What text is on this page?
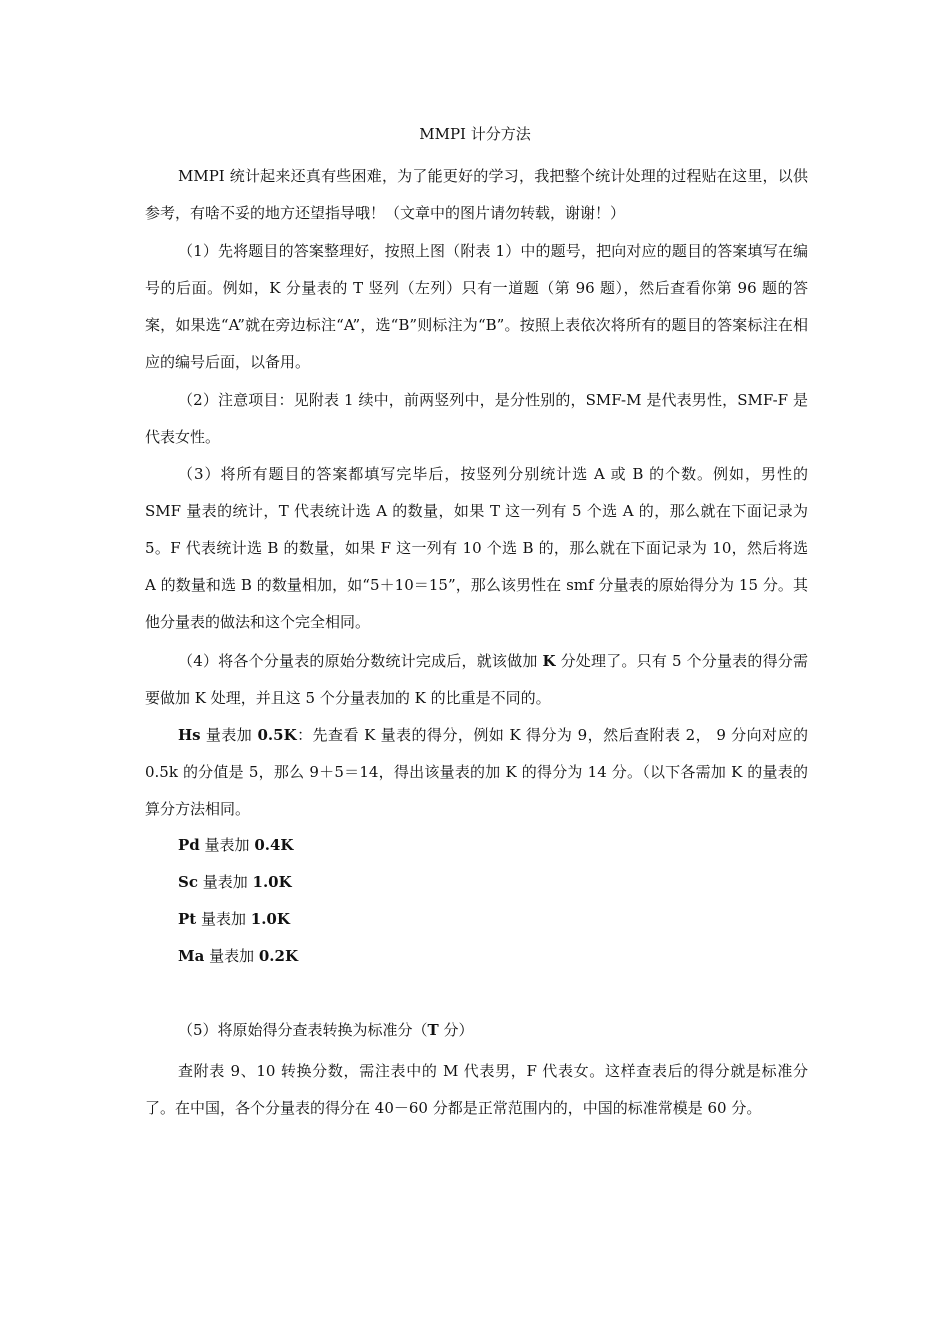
MMPI 计分方法

MMPI 统计起来还真有些困难，为了能更好的学习，我把整个统计处理的过程贴在这里，以供参考，有啥不妥的地方还望指导哦！（文章中的图片请勿转载，谢谢！）

（1）先将题目的答案整理好，按照上图（附表 1）中的题号，把向对应的题目的答案填写在编号的后面。例如，K 分量表的 T 竖列（左列）只有一道题（第 96 题），然后查看你第 96 题的答案，如果选“A”就在旁边标注“A”，选“B”则标注为“B”。按照上表依次将所有的题目的答案标注在相应的编号后面，以备用。

（2）注意项目：见附表 1 续中，前两竖列中，是分性别的，SMF-M 是代表男性，SMF-F 是代表女性。

（3）将所有题目的答案都填写完毕后，按竖列分别统计选 A 或 B 的个数。例如，男性的 SMF 量表的统计，T 代表统计选 A 的数量，如果 T 这一列有 5 个选 A 的，那么就在下面记录为 5。F 代表统计选 B 的数量，如果 F 这一列有 10 个选 B 的，那么就在下面记录为 10，然后将选 A 的数量和选 B 的数量相加，如“5＋10＝15”，那么该男性在 smf 分量表的原始得分为 15 分。其他分量表的做法和这个完全相同。

（4）将各个分量表的原始分数统计完成后，就该做加 K 分处理了。只有 5 个分量表的得分需要做加 K 处理，并且这 5 个分量表加的 K 的比重是不同的。

Hs 量表加 0.5K：先查看 K 量表的得分，例如 K 得分为 9，然后查附表 2， 9 分向对应的 0.5k 的分值是 5，那么 9＋5＝14，得出该量表的加 K 的得分为 14 分。（以下各需加 K 的量表的算分方法相同。

Pd 量表加 0.4K

Sc 量表加 1.0K

Pt 量表加 1.0K

Ma 量表加 0.2K

（5）将原始得分查表转换为标准分（T 分）

查附表 9、10 转换分数，需注表中的 M 代表男，F 代表女。这样查表后的得分就是标准分了。在中国，各个分量表的得分在 40－60 分都是正常范围内的，中国的标准常模是 60 分。
